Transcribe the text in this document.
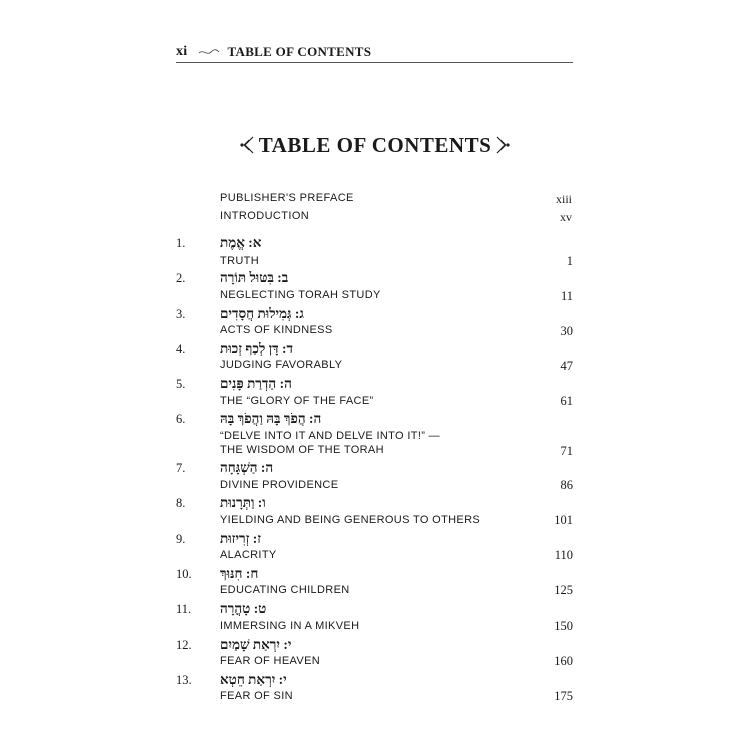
xi	TABLE OF CONTENTS
TABLE OF CONTENTS
PUBLISHER'S PREFACE	xiii
INTRODUCTION	xv
1.	א: אֱמֶת
TRUTH	1
2.	ב: בִּטּוּל תּוֹרָה
NEGLECTING TORAH STUDY	11
3.	ג: גְּמִילוּת חֲסָדִים
ACTS OF KINDNESS	30
4.	ד: דָּן לְכַף זְכוּת
JUDGING FAVORABLY	47
5.	ה: הַדְרַת פָּנִים
THE “GLORY OF THE FACE”	61
6.	ה: הֲפֹךְ בָּהּ וַהֲפֹךְ בָּהּ
“DELVE INTO IT AND DELVE INTO IT!” —
THE WISDOM OF THE TORAH	71
7.	ה: הַשְׁגָּחָה
DIVINE PROVIDENCE	86
8.	ו: וַתְּרָנוּת
YIELDING AND BEING GENEROUS TO OTHERS	101
9.	ז: זְרִיזוּת
ALACRITY	110
10. ח: חִנּוּךְ
EDUCATING CHILDREN	125
11. ט: טָהֳרָה
IMMERSING IN A MIKVEH	150
12. י: יִרְאַת שָׁמַיִם
FEAR OF HEAVEN	160
13. י: יִרְאַת חֵטְא
FEAR OF SIN	175
